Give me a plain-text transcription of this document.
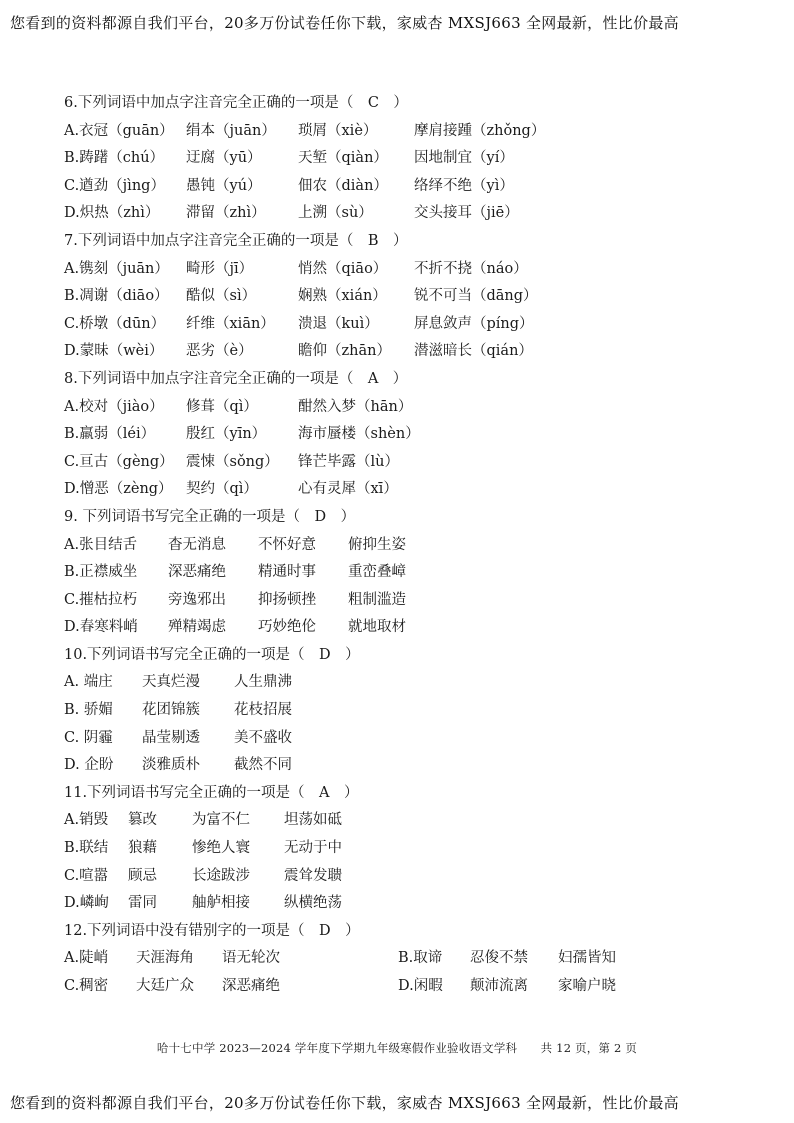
您看到的资料都源自我们平台，20多万份试卷任你下载，家威杏 MXSJ663 全网最新，性比价最高
6.下列词语中加点字注音完全正确的一项是（　C　）
A.衣冠（guān） 绢本（juān）	琐屑（xiè）	摩肩接踵（zhǒng）
B.踌躇（chú）	迂腐（yū）	天堑（qiàn）	因地制宜（yí）
C.遒劲（jìng）	愚钝（yú）	佃农（diàn）	络绎不绝（yì）
D.炽热（zhì）	滞留（zhì）	上溯（sù）	交头接耳（jiē）
7.下列词语中加点字注音完全正确的一项是（　B　）
A.镌刻（juān）	畸形（jī）	悄然（qiāo）	不折不挠（náo）
B.凋谢（diāo）	酷似（sì）	娴熟（xián）	锐不可当（dāng）
C.桥墩（dūn）	纤维（xiān）	溃退（kuì）	屏息敛声（píng）
D.蒙昧（wèi）	恶劣（è）	瞻仰（zhān）	潜滋暗长（qián）
8.下列词语中加点字注音完全正确的一项是（　A　）
A.校对（jiào）	修葺（qì）	酣然入梦（hān）
B.羸弱（léi）	殷红（yīn）	海市蜃楼（shèn）
C.亘古（gèng） 震悚（sǒng）	锋芒毕露（lù）
D.憎恶（zèng） 契约（qì）	心有灵犀（xī）
9. 下列词语书写完全正确的一项是（　D　）
A.张目结舌	杳无消息	不怀好意	俯抑生姿
B.正襟威坐	深恶痛绝	精通时事	重峦叠嶂
C.摧枯拉朽	旁逸邪出	抑扬顿挫	粗制滥造
D.春寒料峭	殚精竭虑	巧妙绝伦	就地取材
10.下列词语书写完全正确的一项是（　D　）
A. 端庄	天真烂漫	人生鼎沸
B. 骄媚	花团锦簇	花枝招展
C. 阴霾	晶莹剔透	美不盛收
D. 企盼	淡雅质朴	截然不同
11.下列词语书写完全正确的一项是（　A　）
A.销毁	篡改	为富不仁	坦荡如砥
B.联结	狼藉	惨绝人寰	无动于中
C.喧嚣	顾忌	长途跋涉	震耸发聩
D.嶙峋	雷同	舳舻相接	纵横绝荡
12.下列词语中没有错别字的一项是（　D　）
A.陡峭	天涯海角	语无轮次	B.取谛	忍俊不禁	妇孺皆知
C.稠密	大廷广众	深恶痛绝	D.闲暇	颠沛流离	家喻户晓
哈十七中学 2023—2024 学年度下学期九年级寒假作业验收语文学科　　共 12 页，第 2 页
您看到的资料都源自我们平台，20多万份试卷任你下载，家威杏 MXSJ663 全网最新，性比价最高
